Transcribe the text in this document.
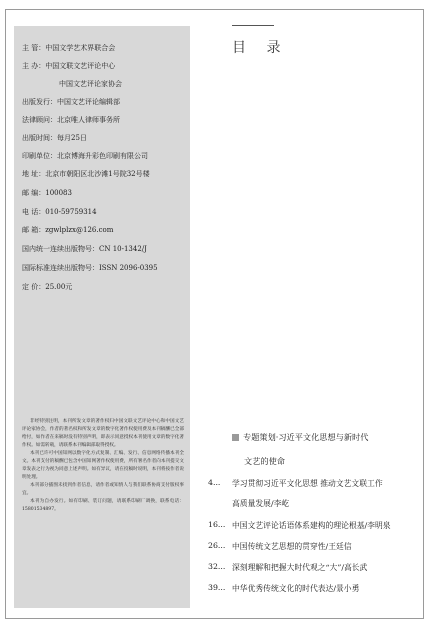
主 管：中国文学艺术界联合会
主 办：中国文联文艺评论中心
中国文艺评论家协会
出版发行：中国文艺评论编辑部
法律顾问：北京唯人律师事务所
出版时间：每月25日
印刷单位：北京博海升彩色印刷有限公司
地 址：北京市朝阳区北沙滩1号院32号楼
邮 编：100083
电 话：010-59759314
邮 箱：zgwlplzx@126.com
国内统一连续出版物号：CN 10-1342/J
国际标准连续出版物号：ISSN 2096-0395
定 价：25.00元

非经特别注明，本刊所发文章的著作权归中国文联文艺评论中心和中国文艺评论家协会，作者的著名权和所发文章的数字化著作权使用费及本刊稿酬已全部给付，如作者在来稿时没有特别声明，即表示同意授权本刊使用文章的数字化著作权。如需转载，请联系本刊编辑部取得授权。

本刊已许可中国知网以数字化方式复制、汇编、发行、信息网络传播本刊全文。本刊支付的稿酬已包含中国知网著作权使用费，所有署名作者向本刊提交文章发表之行为视为同意上述声明。如有异议，请在投稿时说明，本刊将按作者说明处理。

本刊部分插图未找到作者信息，请作者或知情人与我们联系协商支付版权事宜。

本刊为自办发行。如有印刷、装订问题，请联系印刷厂调换，联系电话：15801534897。

目 录
专题策划·习近平文化思想与新时代
文艺的使命
4...	学习贯彻习近平文化思想 推动文艺文联工作
高质量发展/李屹
16... 中国文艺评论话语体系建构的理论根基/李明泉
26... 中国传统文艺思想的贯穿性/王廷信
32... 深刻理解和把握大时代观之“大”/高长武
39... 中华优秀传统文化的时代表达/景小勇
